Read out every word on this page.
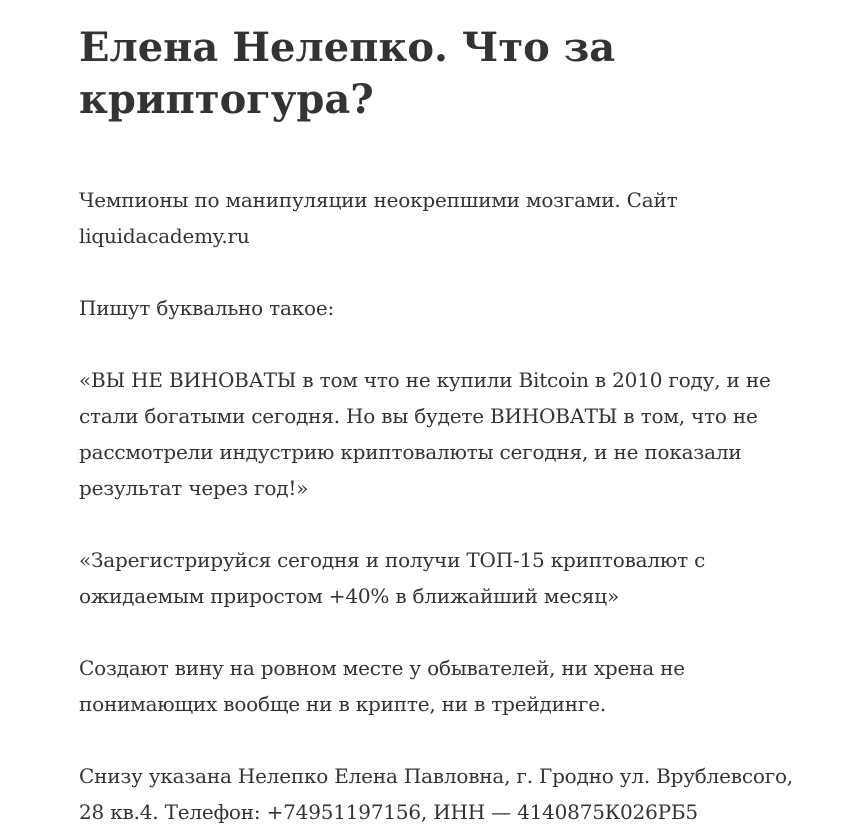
Елена Нелепко. Что за
криптогура?

Чемпионы по манипуляции неокрепшими мозгами. Сайт
liquidacademy.ru

Пишут буквально такое:

«ВЫ НЕ ВИНОВАТЫ в том что не купили Bitcoin в 2010 году, и не
стали богатыми сегодня. Но вы будете ВИНОВАТЫ в том, что не
рассмотрели индустрию криптовалюты сегодня, и не показали
результат через год!»

«Зарегистрируйся сегодня и получи ТОП-15 криптовалют с
ожидаемым приростом +40% в ближайший месяц»

Создают вину на ровном месте у обывателей, ни хрена не
понимающих вообще ни в крипте, ни в трейдинге.

Снизу указана Нелепко Елена Павловна, г. Гродно ул. Врублевсого,
28 кв.4. Телефон: +74951197156, ИНН — 4140875К026РБ5
